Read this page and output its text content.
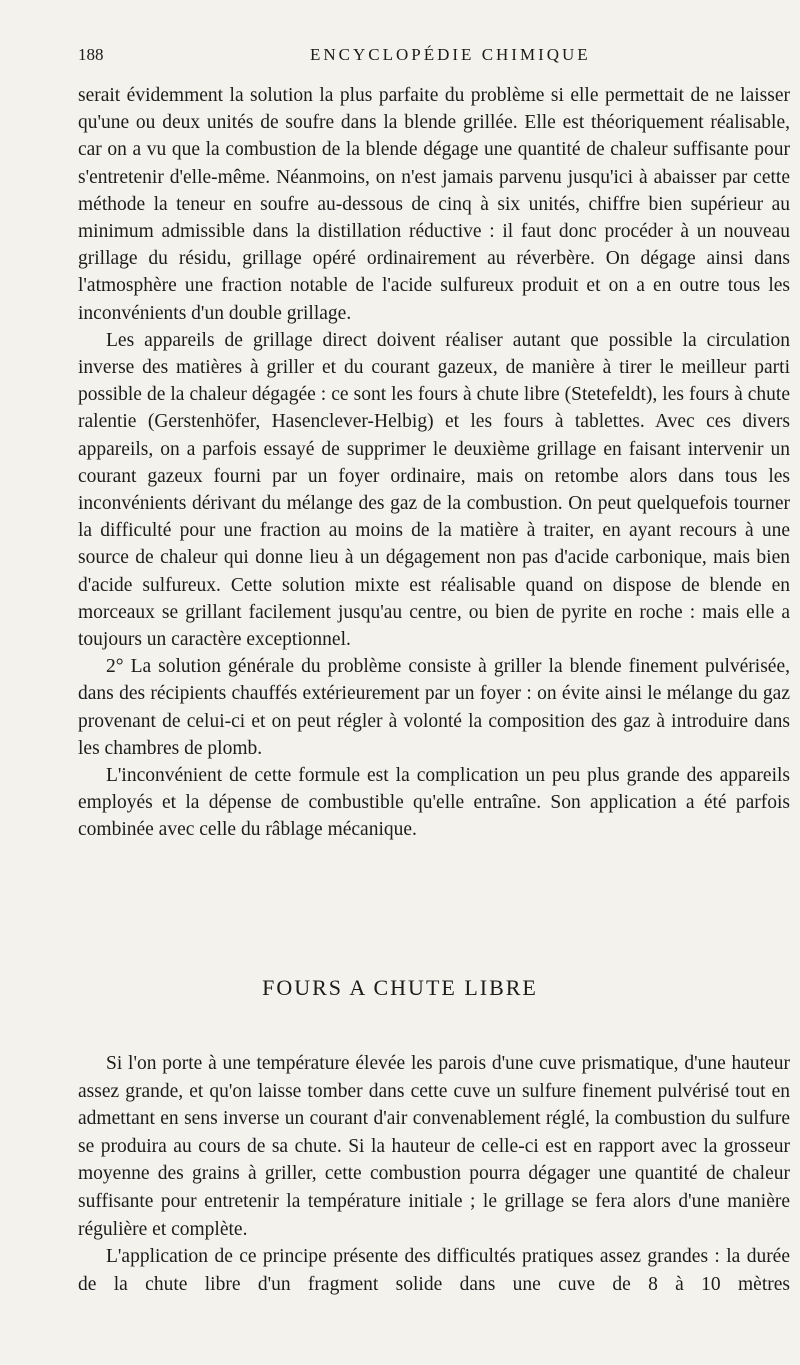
188	ENCYCLOPÉDIE CHIMIQUE

serait évidemment la solution la plus parfaite du problème si elle permettait de ne laisser qu'une ou deux unités de soufre dans la blende grillée. Elle est théoriquement réalisable, car on a vu que la combustion de la blende dégage une quantité de chaleur suffisante pour s'entretenir d'elle-même. Néanmoins, on n'est jamais parvenu jusqu'ici à abaisser par cette méthode la teneur en soufre au-dessous de cinq à six unités, chiffre bien supérieur au minimum admissible dans la distillation réductive : il faut donc procéder à un nouveau grillage du résidu, grillage opéré ordinairement au réverbère. On dégage ainsi dans l'atmosphère une fraction notable de l'acide sulfureux produit et on a en outre tous les inconvénients d'un double grillage.

Les appareils de grillage direct doivent réaliser autant que possible la circulation inverse des matières à griller et du courant gazeux, de manière à tirer le meilleur parti possible de la chaleur dégagée : ce sont les fours à chute libre (Stetefeldt), les fours à chute ralentie (Gerstenhöfer, Hasenclever-Helbig) et les fours à tablettes. Avec ces divers appareils, on a parfois essayé de supprimer le deuxième grillage en faisant intervenir un courant gazeux fourni par un foyer ordinaire, mais on retombe alors dans tous les inconvénients dérivant du mélange des gaz de la combustion. On peut quelquefois tourner la difficulté pour une fraction au moins de la matière à traiter, en ayant recours à une source de chaleur qui donne lieu à un dégagement non pas d'acide carbonique, mais bien d'acide sulfureux. Cette solution mixte est réalisable quand on dispose de blende en morceaux se grillant facilement jusqu'au centre, ou bien de pyrite en roche : mais elle a toujours un caractère exceptionnel.

2° La solution générale du problème consiste à griller la blende finement pulvérisée, dans des récipients chauffés extérieurement par un foyer : on évite ainsi le mélange du gaz provenant de celui-ci et on peut régler à volonté la composition des gaz à introduire dans les chambres de plomb.

L'inconvénient de cette formule est la complication un peu plus grande des appareils employés et la dépense de combustible qu'elle entraîne. Son application a été parfois combinée avec celle du râblage mécanique.

FOURS A CHUTE LIBRE

Si l'on porte à une température élevée les parois d'une cuve prismatique, d'une hauteur assez grande, et qu'on laisse tomber dans cette cuve un sulfure finement pulvérisé tout en admettant en sens inverse un courant d'air convenablement réglé, la combustion du sulfure se produira au cours de sa chute. Si la hauteur de celle-ci est en rapport avec la grosseur moyenne des grains à griller, cette combustion pourra dégager une quantité de chaleur suffisante pour entretenir la température initiale ; le grillage se fera alors d'une manière régulière et complète.

L'application de ce principe présente des difficultés pratiques assez grandes : la durée de la chute libre d'un fragment solide dans une cuve de 8 à 10 mètres
